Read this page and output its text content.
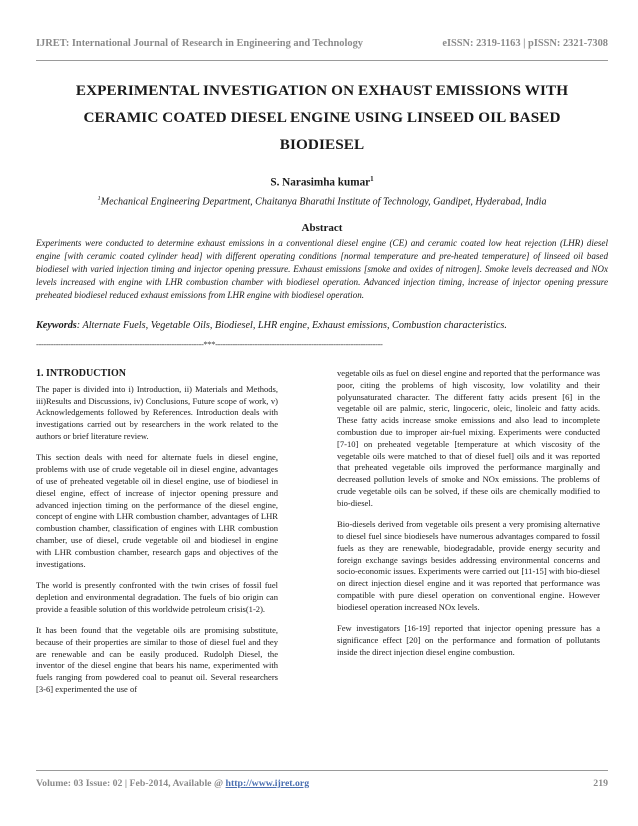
IJRET: International Journal of Research in Engineering and Technology	eISSN: 2319-1163 | pISSN: 2321-7308
EXPERIMENTAL INVESTIGATION ON EXHAUST EMISSIONS WITH
CERAMIC COATED DIESEL ENGINE USING LINSEED OIL BASED
BIODIESEL
S. Narasimha kumar$^1$
$^1$Mechanical Engineering Department, Chaitanya Bharathi Institute of Technology, Gandipet, Hyderabad, India
Abstract
Experiments were conducted to determine exhaust emissions in a conventional diesel engine (CE) and ceramic coated low heat rejection (LHR) diesel engine [with ceramic coated cylinder head] with different operating conditions [normal temperature and pre-heated temperature] of linseed oil based biodiesel with varied injection timing and injector opening pressure. Exhaust emissions [smoke and oxides of nitrogen]. Smoke levels decreased and NOx levels increased with engine with LHR combustion chamber with biodiesel operation. Advanced injection timing, increase of injector opening pressure preheated biodiesel reduced exhaust emissions from LHR engine with biodiesel operation.
Keywords: Alternate Fuels, Vegetable Oils, Biodiesel, LHR engine, Exhaust emissions, Combustion characteristics.
--------------------------------------------------------------------***--------------------------------------------------------------------
1. INTRODUCTION

The paper is divided into i) Introduction, ii) Materials and Methods, iii)Results and Discussions, iv) Conclusions, Future scope of work, v) Acknowledgements followed by References. Introduction deals with investigations carried out by researchers in the work related to the authors or brief literature review.

This section deals with need for alternate fuels in diesel engine, problems with use of crude vegetable oil in diesel engine, advantages of use of preheated vegetable oil in diesel engine, use of biodiesel in diesel engine, effect of increase of injector opening pressure and advanced injection timing on the performance of the diesel engine, concept of engine with LHR combustion chamber, advantages of LHR combustion chamber, classification of engines with LHR combustion chamber, use of diesel, crude vegetable oil and biodiesel in engine with LHR combustion chamber, research gaps and objectives of the investigations.

The world is presently confronted with the twin crises of fossil fuel depletion and environmental degradation. The fuels of bio origin can provide a feasible solution of this worldwide petroleum crisis(1-2).

It has been found that the vegetable oils are promising substitute, because of their properties are similar to those of diesel fuel and they are renewable and can be easily produced. Rudolph Diesel, the inventor of the diesel engine that bears his name, experimented with fuels ranging from powdered coal to peanut oil. Several researchers [3-6] experimented the use of

vegetable oils as fuel on diesel engine and reported that the performance was poor, citing the problems of high viscosity, low volatility and their polyunsaturated character. The different fatty acids present [6] in the vegetable oil are palmic, steric, lingoceric, oleic, linoleic and fatty acids. These fatty acids increase smoke emissions and also lead to incomplete combustion due to improper air-fuel mixing. Experiments were conducted [7-10] on preheated vegetable [temperature at which viscosity of the vegetable oils were matched to that of diesel fuel] oils and it was reported that preheated vegetable oils improved the performance marginally and decreased pollution levels of smoke and NOx emissions. The problems of crude vegetable oils can be solved, if these oils are chemically modified to bio-diesel.

Bio-diesels derived from vegetable oils present a very promising alternative to diesel fuel since biodiesels have numerous advantages compared to fossil fuels as they are renewable, biodegradable, provide energy security and foreign exchange savings besides addressing environmental concerns and socio-economic issues. Experiments were carried out [11-15] with bio-diesel on direct injection diesel engine and it was reported that performance was compatible with pure diesel operation on conventional engine. However biodiesel operation increased NOx levels.

Few investigators [16-19] reported that injector opening pressure has a significance effect [20] on the performance and formation of pollutants inside the direct injection diesel engine combustion.

Volume: 03 Issue: 02 | Feb-2014, Available @ http://www.ijret.org	219
